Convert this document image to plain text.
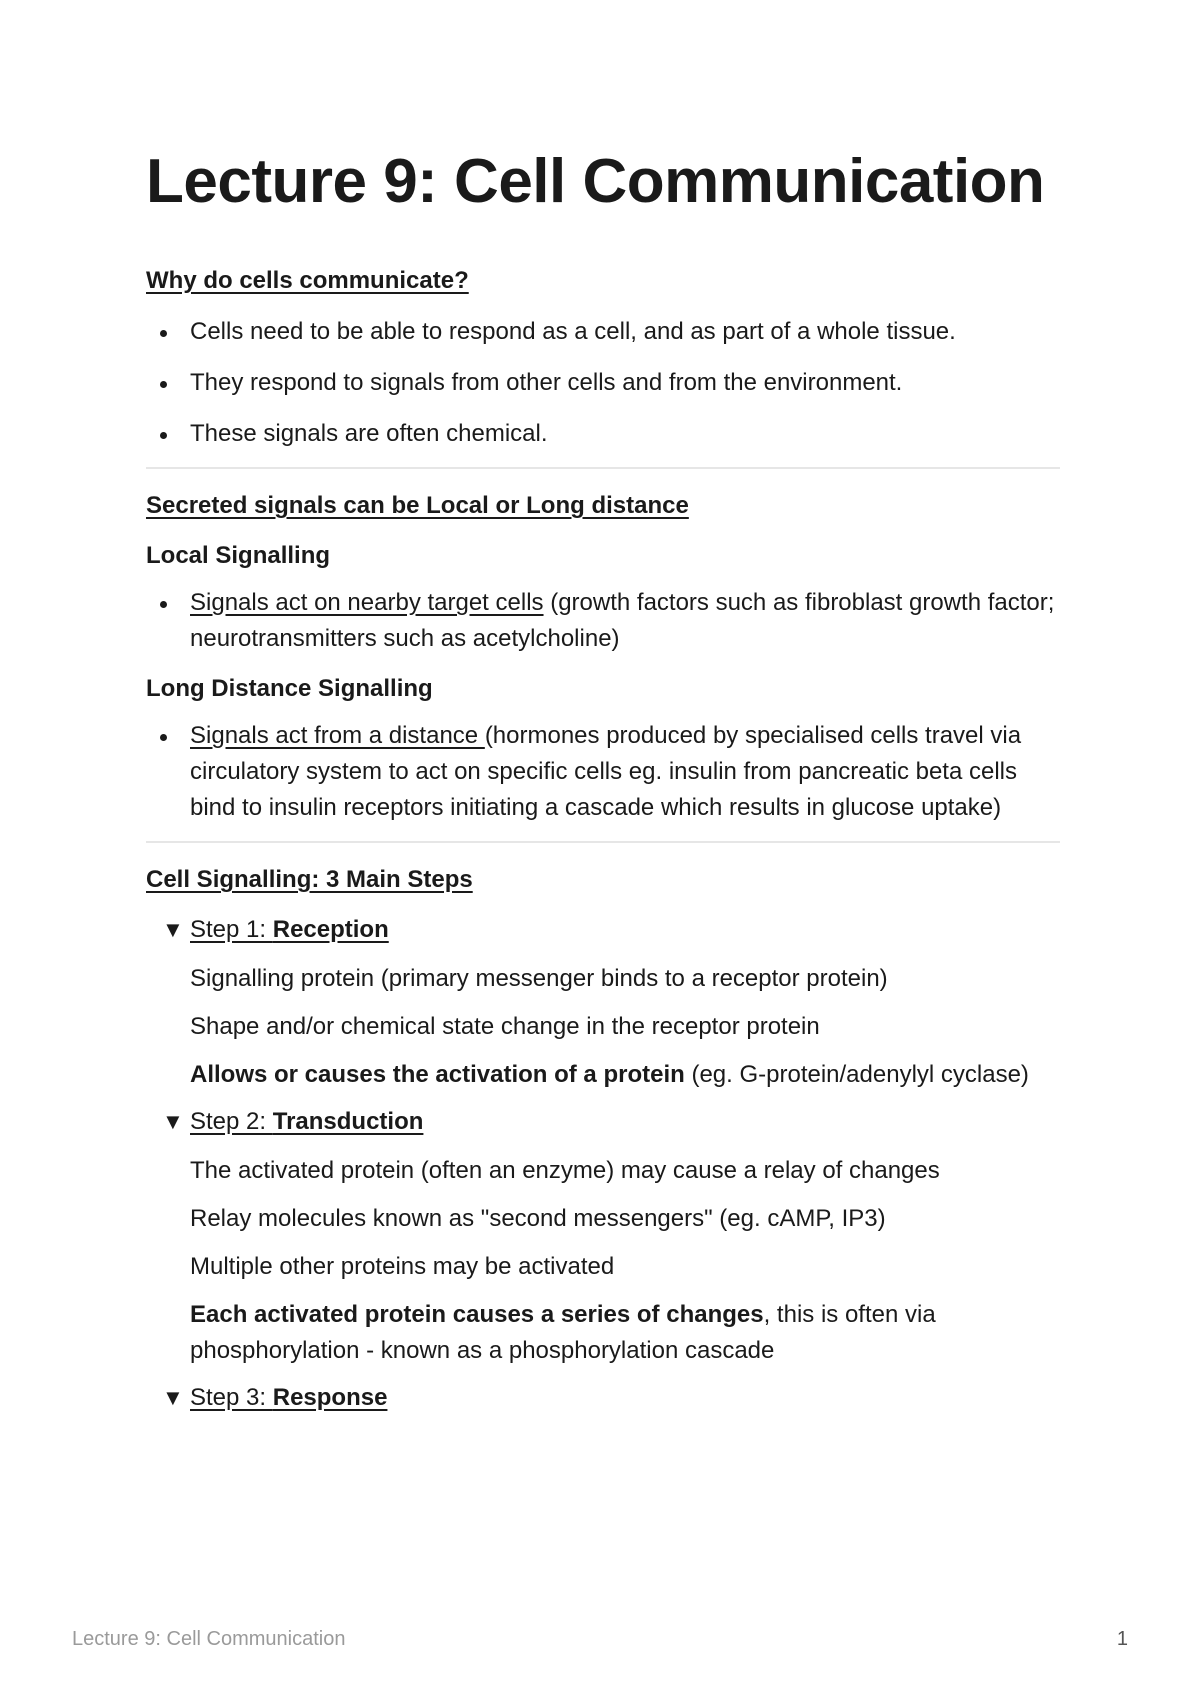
Lecture 9: Cell Communication
Why do cells communicate?
Cells need to be able to respond as a cell, and as part of a whole tissue.
They respond to signals from other cells and from the environment.
These signals are often chemical.
Secreted signals can be Local or Long distance
Local Signalling
Signals act on nearby target cells (growth factors such as fibroblast growth factor; neurotransmitters such as acetylcholine)
Long Distance Signalling
Signals act from a distance (hormones produced by specialised cells travel via circulatory system to act on specific cells eg. insulin from pancreatic beta cells bind to insulin receptors initiating a cascade which results in glucose uptake)
Cell Signalling: 3 Main Steps
▼ Step 1: Reception

Signalling protein (primary messenger binds to a receptor protein)

Shape and/or chemical state change in the receptor protein

Allows or causes the activation of a protein (eg. G-protein/adenylyl cyclase)

▼ Step 2: Transduction

The activated protein (often an enzyme) may cause a relay of changes

Relay molecules known as "second messengers" (eg. cAMP, IP3)

Multiple other proteins may be activated

Each activated protein causes a series of changes, this is often via phosphorylation - known as a phosphorylation cascade

▼ Step 3: Response
Lecture 9: Cell Communication	1
